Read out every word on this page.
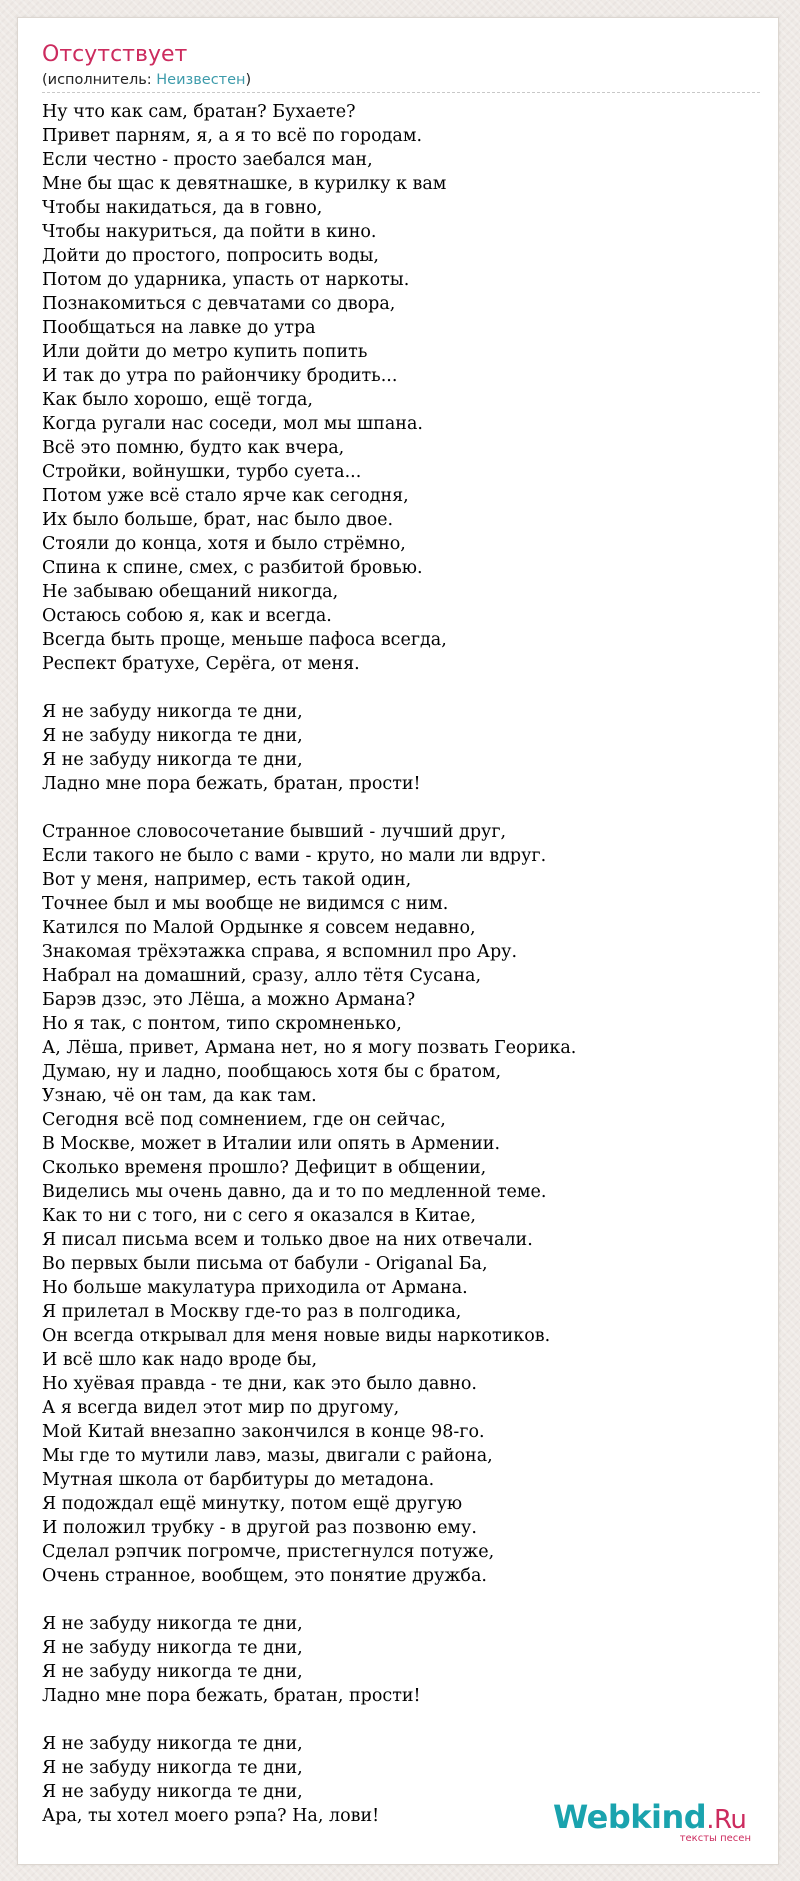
Отсутствует
(исполнитель: Неизвестен)
Ну что как сам, братан? Бухаете?
Привет парням, я, а я то всё по городам.
Если честно - просто заебался ман,
Мне бы щас к девятнашке, в курилку к вам
Чтобы накидаться, да в говно,
Чтобы накуриться, да пойти в кино.
Дойти до простого, попросить воды,
Потом до ударника, упасть от наркоты.
Познакомиться с девчатами со двора,
Пообщаться на лавке до утра
Или дойти до метро купить попить
И так до утра по райончику бродить...
Как было хорошо, ещё тогда,
Когда ругали нас соседи, мол мы шпана.
Всё это помню, будто как вчера,
Стройки, войнушки, турбо суета...
Потом уже всё стало ярче как сегодня,
Их было больше, брат, нас было двое.
Стояли до конца, хотя и было стрёмно,
Спина к спине, смех, с разбитой бровью.
Не забываю обещаний никогда,
Остаюсь собою я, как и всегда.
Всегда быть проще, меньше пафоса всегда,
Респект братухе, Серёга, от меня.
Я не забуду никогда те дни,
Я не забуду никогда те дни,
Я не забуду никогда те дни,
Ладно мне пора бежать, братан, прости!
Странное словосочетание бывший - лучший друг,
Если такого не было с вами - круто, но мали ли вдруг.
Вот у меня, например, есть такой один,
Точнее был и мы вообще не видимся с ним.
Катился по Малой Ордынке я совсем недавно,
Знакомая трёхэтажка справа, я вспомнил про Ару.
Набрал на домашний, сразу, алло тётя Сусана,
Барэв дзэс, это Лёша, а можно Армана?
Но я так, с понтом, типо скромненько,
А, Лёша, привет, Армана нет, но я могу позвать Георика.
Думаю, ну и ладно, пообщаюсь хотя бы с братом,
Узнаю, чё он там, да как там.
Сегодня всё под сомнением, где он сейчас,
В Москве, может в Италии или опять в Армении.
Сколько временя прошло? Дефицит в общении,
Виделись мы очень давно, да и то по медленной теме.
Как то ни с того, ни с сего я оказался в Китае,
Я писал письма всем и только двое на них отвечали.
Во первых были письма от бабули - Origanal Ба,
Но больше макулатура приходила от Армана.
Я прилетал в Москву где-то раз в полгодика,
Он всегда открывал для меня новые виды наркотиков.
И всё шло как надо вроде бы,
Но хуёвая правда - те дни, как это было давно.
А я всегда видел этот мир по другому,
Мой Китай внезапно закончился в конце 98-го.
Мы где то мутили лавэ, мазы, двигали с района,
Мутная школа от барбитуры до метадона.
Я подождал ещё минутку, потом ещё другую
И положил трубку - в другой раз позвоню ему.
Сделал рэпчик погромче, пристегнулся потуже,
Очень странное, вообщем, это понятие дружба.
Я не забуду никогда те дни,
Я не забуду никогда те дни,
Я не забуду никогда те дни,
Ладно мне пора бежать, братан, прости!
Я не забуду никогда те дни,
Я не забуду никогда те дни,
Я не забуду никогда те дни,
Ара, ты хотел моего рэпа? На, лови!	Webkind.Ru
тексты песен
